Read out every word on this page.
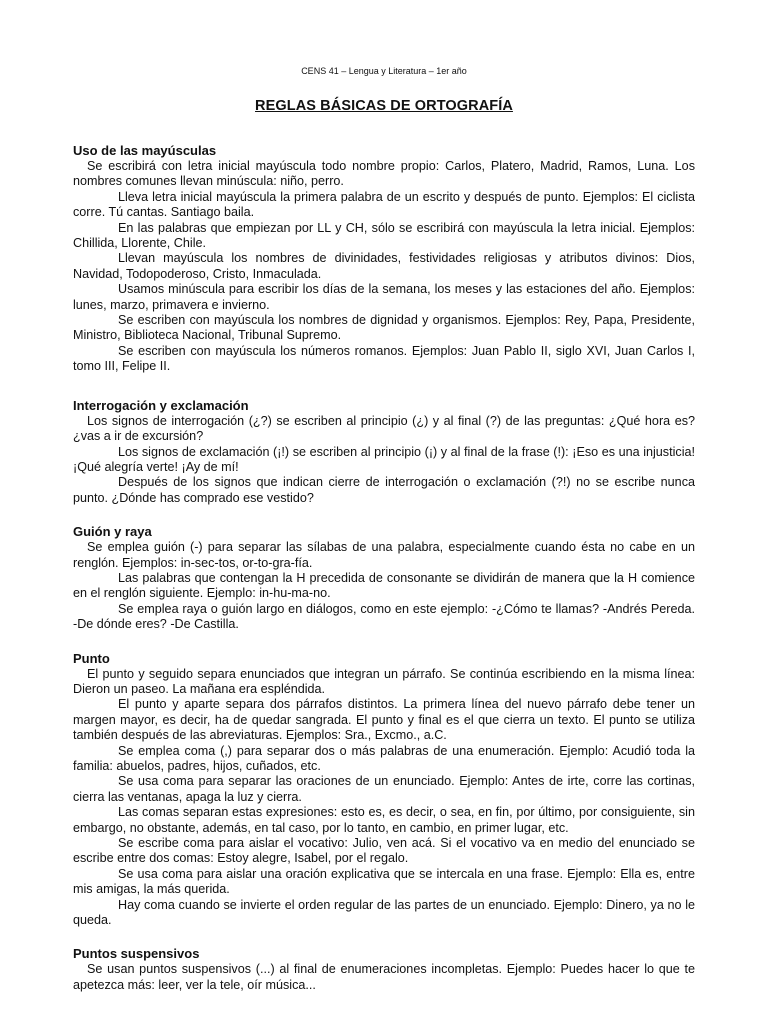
CENS 41 – Lengua y Literatura – 1er año
REGLAS BÁSICAS DE ORTOGRAFÍA
Uso de las mayúsculas

Se escribirá con letra inicial mayúscula todo nombre propio: Carlos, Platero, Madrid, Ramos, Luna. Los nombres comunes llevan minúscula: niño, perro.

Lleva letra inicial mayúscula la primera palabra de un escrito y después de punto. Ejemplos: El ciclista corre. Tú cantas. Santiago baila.

En las palabras que empiezan por LL y CH, sólo se escribirá con mayúscula la letra inicial. Ejemplos: Chillida, Llorente, Chile.

Llevan mayúscula los nombres de divinidades, festividades religiosas y atributos divinos: Dios, Navidad, Todopoderoso, Cristo, Inmaculada.

Usamos minúscula para escribir los días de la semana, los meses y las estaciones del año. Ejemplos: lunes, marzo, primavera e invierno.

Se escriben con mayúscula los nombres de dignidad y organismos. Ejemplos: Rey, Papa, Presidente, Ministro, Biblioteca Nacional, Tribunal Supremo.

Se escriben con mayúscula los números romanos. Ejemplos: Juan Pablo II, siglo XVI, Juan Carlos I, tomo III, Felipe II.

Interrogación y exclamación

Los signos de interrogación (¿?) se escriben al principio (¿) y al final (?) de las preguntas: ¿Qué hora es? ¿vas a ir de excursión?

Los signos de exclamación (¡!) se escriben al principio (¡) y al final de la frase (!): ¡Eso es una injusticia! ¡Qué alegría verte! ¡Ay de mí!

Después de los signos que indican cierre de interrogación o exclamación (?!) no se escribe nunca punto. ¿Dónde has comprado ese vestido?

Guión y raya

Se emplea guión (-) para separar las sílabas de una palabra, especialmente cuando ésta no cabe en un renglón. Ejemplos: in-sec-tos, or-to-gra-fía.

Las palabras que contengan la H precedida de consonante se dividirán de manera que la H comience en el renglón siguiente. Ejemplo: in-hu-ma-no.

Se emplea raya o guión largo en diálogos, como en este ejemplo: -¿Cómo te llamas? -Andrés Pereda. -De dónde eres? -De Castilla.

Punto

El punto y seguido separa enunciados que integran un párrafo. Se continúa escribiendo en la misma línea: Dieron un paseo. La mañana era espléndida.

El punto y aparte separa dos párrafos distintos. La primera línea del nuevo párrafo debe tener un margen mayor, es decir, ha de quedar sangrada. El punto y final es el que cierra un texto. El punto se utiliza también después de las abreviaturas. Ejemplos: Sra., Excmo., a.C.

Se emplea coma (,) para separar dos o más palabras de una enumeración. Ejemplo: Acudió toda la familia: abuelos, padres, hijos, cuñados, etc.

Se usa coma para separar las oraciones de un enunciado. Ejemplo: Antes de irte, corre las cortinas, cierra las ventanas, apaga la luz y cierra.

Las comas separan estas expresiones: esto es, es decir, o sea, en fin, por último, por consiguiente, sin embargo, no obstante, además, en tal caso, por lo tanto, en cambio, en primer lugar, etc.

Se escribe coma para aislar el vocativo: Julio, ven acá. Si el vocativo va en medio del enunciado se escribe entre dos comas: Estoy alegre, Isabel, por el regalo.

Se usa coma para aislar una oración explicativa que se intercala en una frase. Ejemplo: Ella es, entre mis amigas, la más querida.

Hay coma cuando se invierte el orden regular de las partes de un enunciado. Ejemplo: Dinero, ya no le queda.

Puntos suspensivos

Se usan puntos suspensivos (...) al final de enumeraciones incompletas. Ejemplo: Puedes hacer lo que te apetezca más: leer, ver la tele, oír música...
